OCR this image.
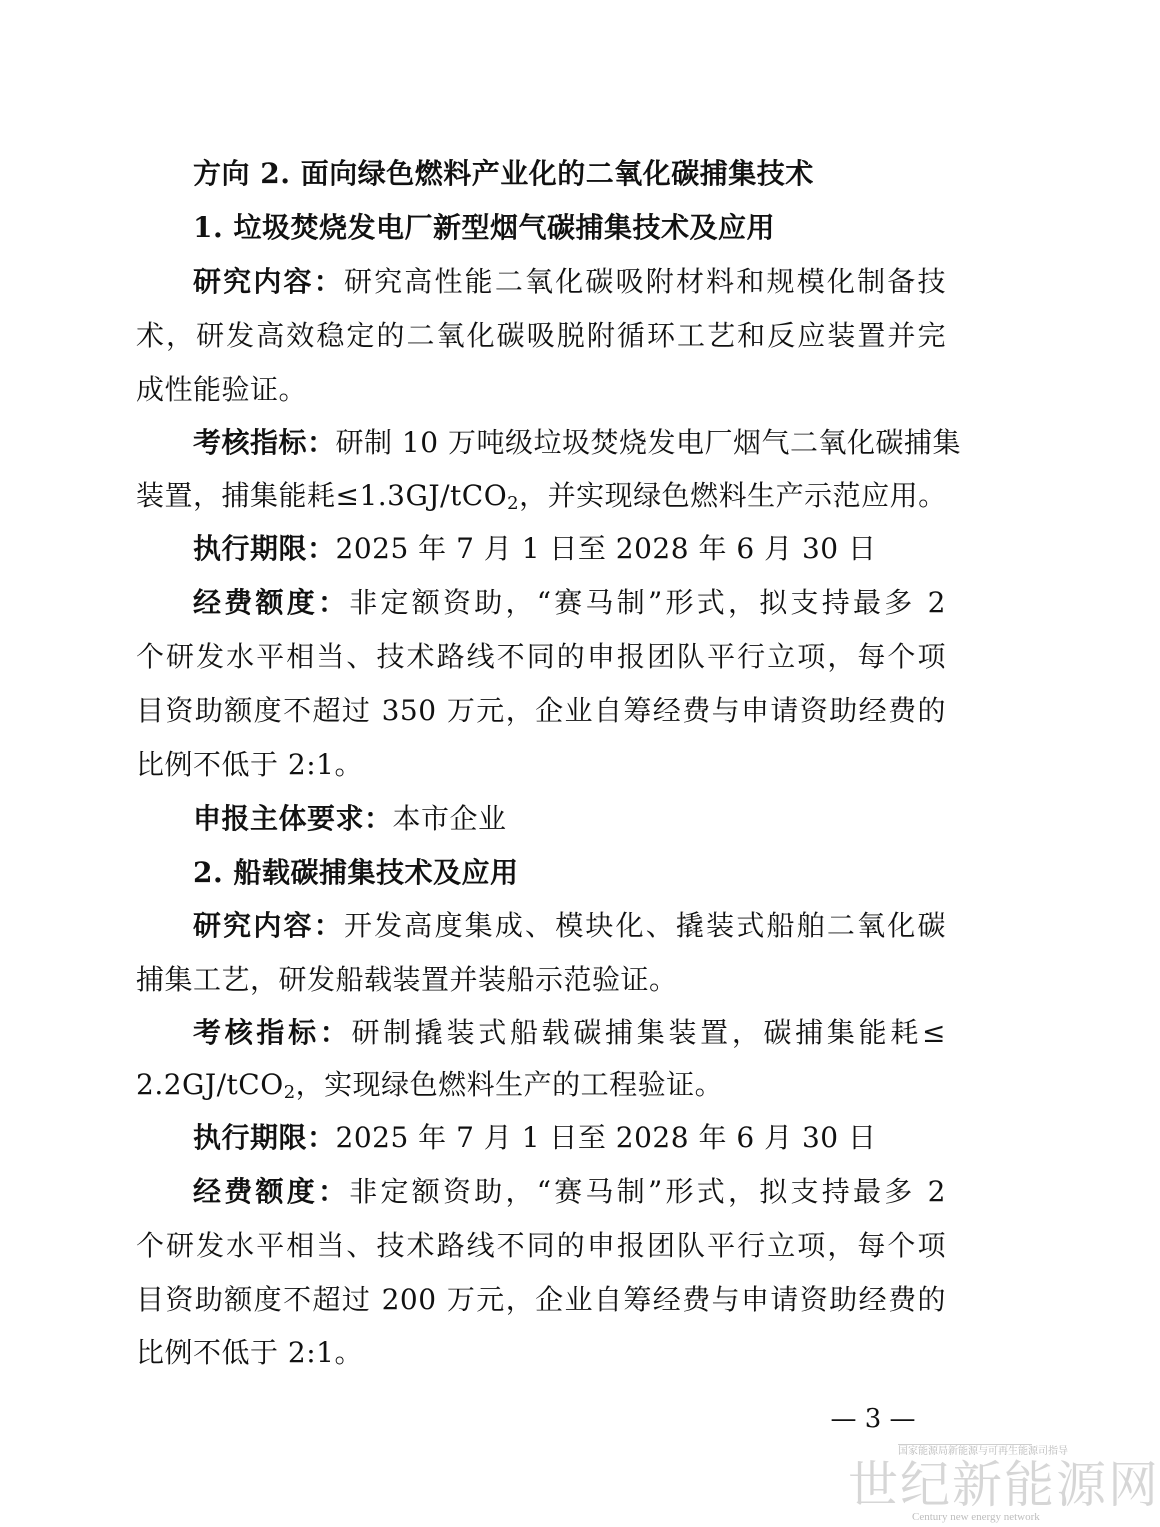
方向 2. 面向绿色燃料产业化的二氧化碳捕集技术
1. 垃圾焚烧发电厂新型烟气碳捕集技术及应用
研究内容：研究高性能二氧化碳吸附材料和规模化制备技
术，研发高效稳定的二氧化碳吸脱附循环工艺和反应装置并完
成性能验证。
考核指标：研制 10 万吨级垃圾焚烧发电厂烟气二氧化碳捕集
装置，捕集能耗≤1.3GJ/tCO$_2$，并实现绿色燃料生产示范应用。
执行期限：2025 年 7 月 1 日至 2028 年 6 月 30 日
经费额度：非定额资助，“赛马制”形式，拟支持最多 2
个研发水平相当、技术路线不同的申报团队平行立项，每个项
目资助额度不超过 350 万元，企业自筹经费与申请资助经费的
比例不低于 2:1。
申报主体要求：本市企业
2. 船载碳捕集技术及应用
研究内容：开发高度集成、模块化、撬装式船舶二氧化碳
捕集工艺，研发船载装置并装船示范验证。
考核指标：研制撬装式船载碳捕集装置，碳捕集能耗≤
2.2GJ/tCO$_2$，实现绿色燃料生产的工程验证。
执行期限：2025 年 7 月 1 日至 2028 年 6 月 30 日
经费额度：非定额资助，“赛马制”形式，拟支持最多 2
个研发水平相当、技术路线不同的申报团队平行立项，每个项
目资助额度不超过 200 万元，企业自筹经费与申请资助经费的
比例不低于 2:1。
— 3 —
国家能源局新能源与可再生能源司指导
世纪新能源网
Century new energy network
